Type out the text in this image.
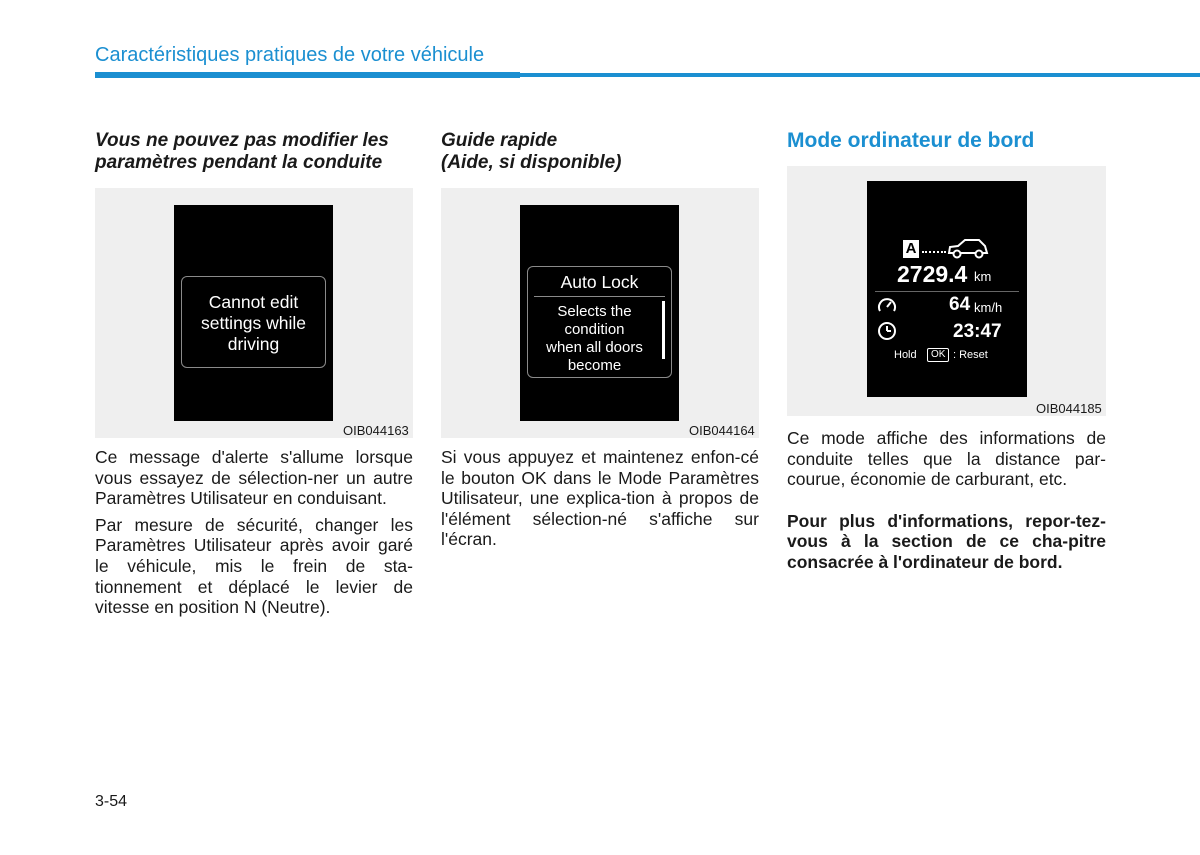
Caractéristiques pratiques de votre véhicule
Vous ne pouvez pas modifier les
paramètres pendant la conduite
Cannot edit
settings while
driving
OIB044163

Ce message d'alerte s'allume lorsque vous essayez de sélection-ner un autre Paramètres Utilisateur en conduisant.

Par mesure de sécurité, changer les Paramètres Utilisateur après avoir garé le véhicule, mis le frein de sta-tionnement et déplacé le levier de vitesse en position N (Neutre).

Guide rapide
(Aide, si disponible)
Auto Lock
Selects the
condition
when all doors
become
OIB044164

Si vous appuyez et maintenez enfon-cé le bouton OK dans le Mode Paramètres Utilisateur, une explica-tion à propos de l'élément sélection-né s'affiche sur l'écran.

Mode ordinateur de bord
A
2729.4 km
64 km/h
23:47
Hold	OK : Reset
OIB044185

Ce mode affiche des informations de conduite telles que la distance par-courue, économie de carburant, etc.

Pour plus d'informations, repor-tez-vous à la section de ce cha-pitre consacrée à l'ordinateur de bord.

3-54
